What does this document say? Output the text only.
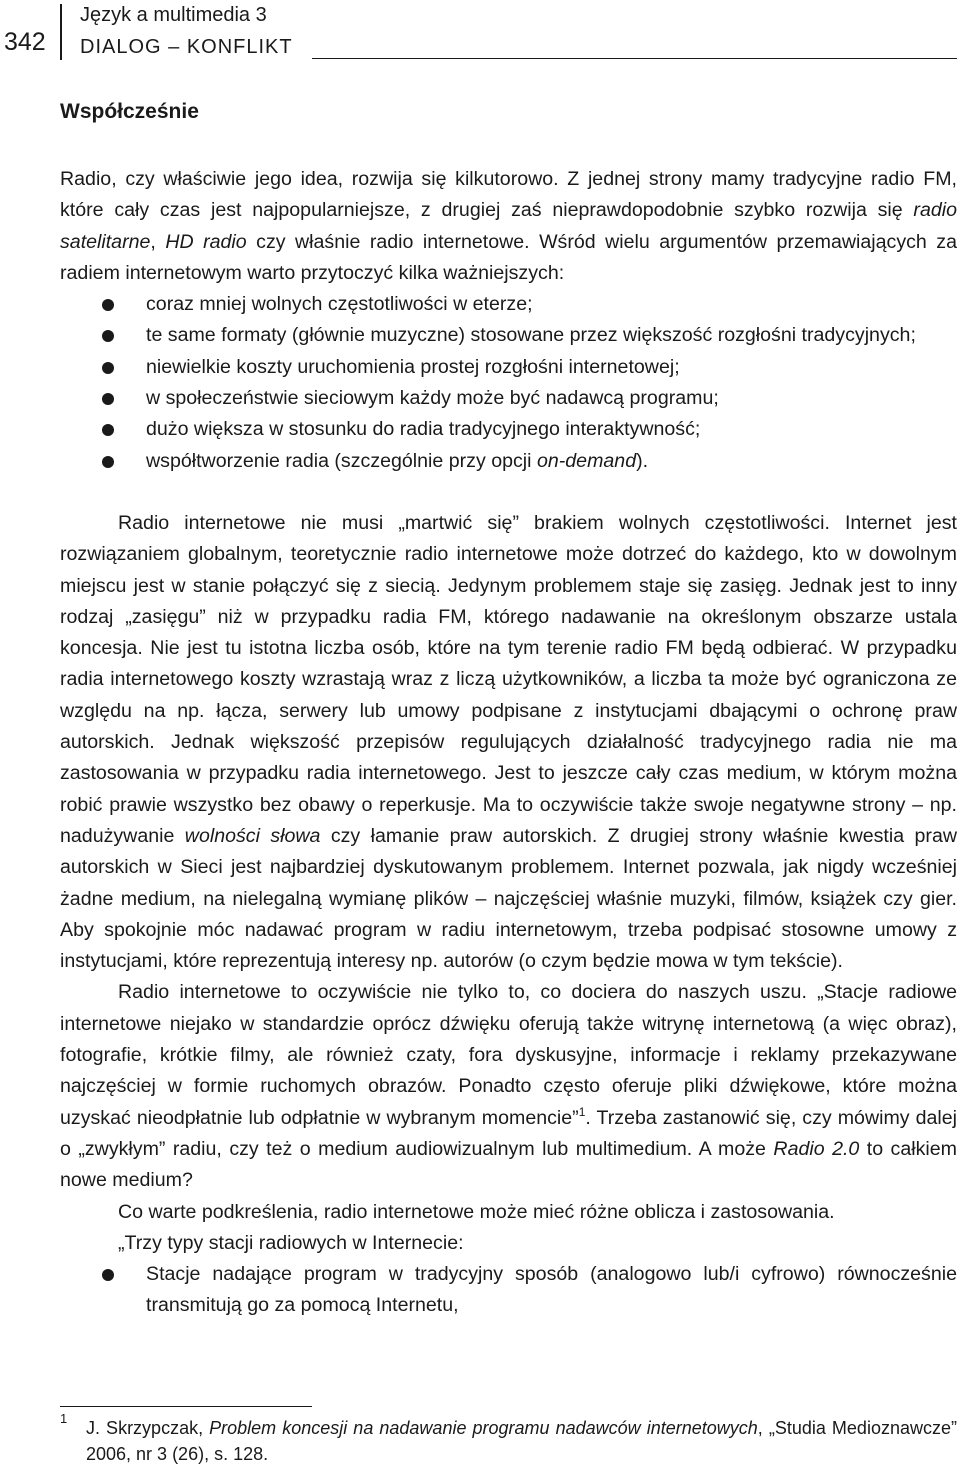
342
Język a multimedia 3
DIALOG – KONFLIKT
Współcześnie

Radio, czy właściwie jego idea, rozwija się kilkutorowo. Z jednej strony mamy tradycyjne radio FM, które cały czas jest najpopularniejsze, z drugiej zaś nieprawdopodobnie szybko rozwija się radio satelitarne, HD radio czy właśnie radio internetowe. Wśród wielu argumentów przemawiających za radiem internetowym warto przytoczyć kilka ważniejszych:

coraz mniej wolnych częstotliwości w eterze;
te same formaty (głównie muzyczne) stosowane przez większość rozgłośni tradycyjnych;
niewielkie koszty uruchomienia prostej rozgłośni internetowej;
w społeczeństwie sieciowym każdy może być nadawcą programu;
dużo większa w stosunku do radia tradycyjnego interaktywność;
współtworzenie radia (szczególnie przy opcji on-demand).

Radio internetowe nie musi „martwić się” brakiem wolnych częstotliwości. Internet jest rozwiązaniem globalnym, teoretycznie radio internetowe może dotrzeć do każdego, kto w dowolnym miejscu jest w stanie połączyć się z siecią. Jedynym problemem staje się zasięg. Jednak jest to inny rodzaj „zasięgu” niż w przypadku radia FM, którego nadawanie na określonym obszarze ustala koncesja. Nie jest tu istotna liczba osób, które na tym terenie radio FM będą odbierać. W przypadku radia internetowego koszty wzrastają wraz z liczą użytkowników, a liczba ta może być ograniczona ze względu na np. łącza, serwery lub umowy podpisane z instytucjami dbającymi o ochronę praw autorskich. Jednak większość przepisów regulujących działalność tradycyjnego radia nie ma zastosowania w przypadku radia internetowego. Jest to jeszcze cały czas medium, w którym można robić prawie wszystko bez obawy o reperkusje. Ma to oczywiście także swoje negatywne strony – np. nadużywanie wolności słowa czy łamanie praw autorskich. Z drugiej strony właśnie kwestia praw autorskich w Sieci jest najbardziej dyskutowanym problemem. Internet pozwala, jak nigdy wcześniej żadne medium, na nielegalną wymianę plików – najczęściej właśnie muzyki, filmów, książek czy gier. Aby spokojnie móc nadawać program w radiu internetowym, trzeba podpisać stosowne umowy z instytucjami, które reprezentują interesy np. autorów (o czym będzie mowa w tym tekście).

Radio internetowe to oczywiście nie tylko to, co dociera do naszych uszu. „Stacje radiowe internetowe niejako w standardzie oprócz dźwięku oferują także witrynę internetową (a więc obraz), fotografie, krótkie filmy, ale również czaty, fora dyskusyjne, informacje i reklamy przekazywane najczęściej w formie ruchomych obrazów. Ponadto często oferuje pliki dźwiękowe, które można uzyskać nieodpłatnie lub odpłatnie w wybranym momencie”$^1$. Trzeba zastanowić się, czy mówimy dalej o „zwykłym” radiu, czy też o medium audiowizualnym lub multimedium. A może Radio 2.0 to całkiem nowe medium?

Co warte podkreślenia, radio internetowe może mieć różne oblicza i zastosowania.

„Trzy typy stacji radiowych w Internecie:

Stacje nadające program w tradycyjny sposób (analogowo lub/i cyfrowo) równocześnie transmitują go za pomocą Internetu,
1 J. Skrzypczak, Problem koncesji na nadawanie programu nadawców internetowych, „Studia Medioznawcze” 2006, nr 3 (26), s. 128.
